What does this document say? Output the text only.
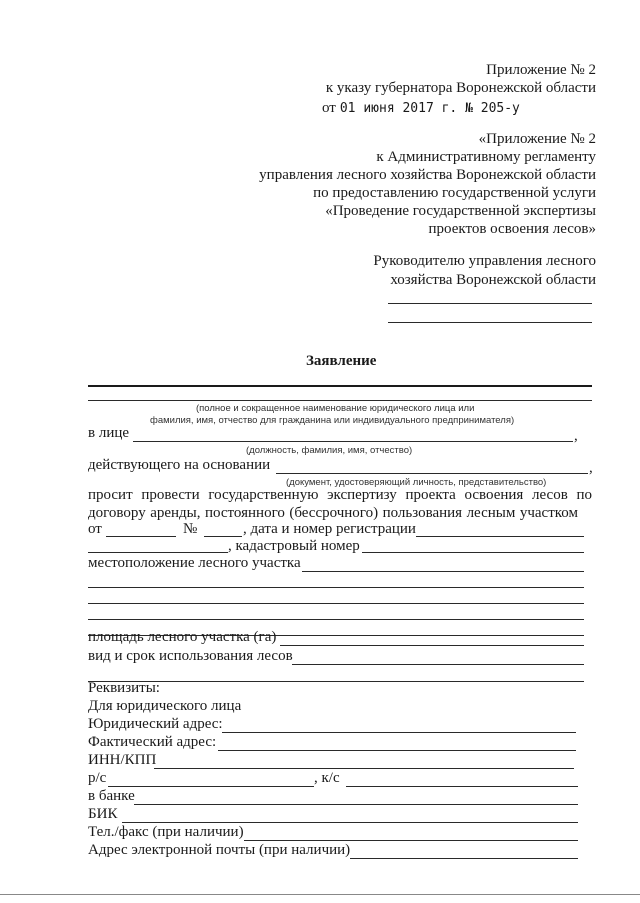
Приложение № 2
к указу губернатора Воронежской области
от 01 июня 2017 г. № 205-у
«Приложение № 2
к Административному регламенту
управления лесного хозяйства Воронежской области
по предоставлению государственной услуги
«Проведение государственной экспертизы
проектов освоения лесов»
Руководителю управления лесного
хозяйства Воронежской области
Заявление
(полное и сокращенное наименование юридического лица или
фамилия, имя, отчество для гражданина или индивидуального предпринимателя)
в лице	,
(должность, фамилия, имя, отчество)
действующего на основании	,
(документ, удостоверяющий личность, представительство)
просит провести государственную экспертизу проекта освоения лесов по
договору аренды, постоянного (бессрочного) пользования лесным участком
от	№	, дата и номер регистрации
, кадастровый номер
местоположение лесного участка
площадь лесного участка (га)
вид и срок использования лесов
Реквизиты:
Для юридического лица
Юридический адрес:
Фактический адрес:
ИНН/КПП
р/с	, к/с
в банке
БИК
Тел./факс (при наличии)
Адрес электронной почты (при наличии)
